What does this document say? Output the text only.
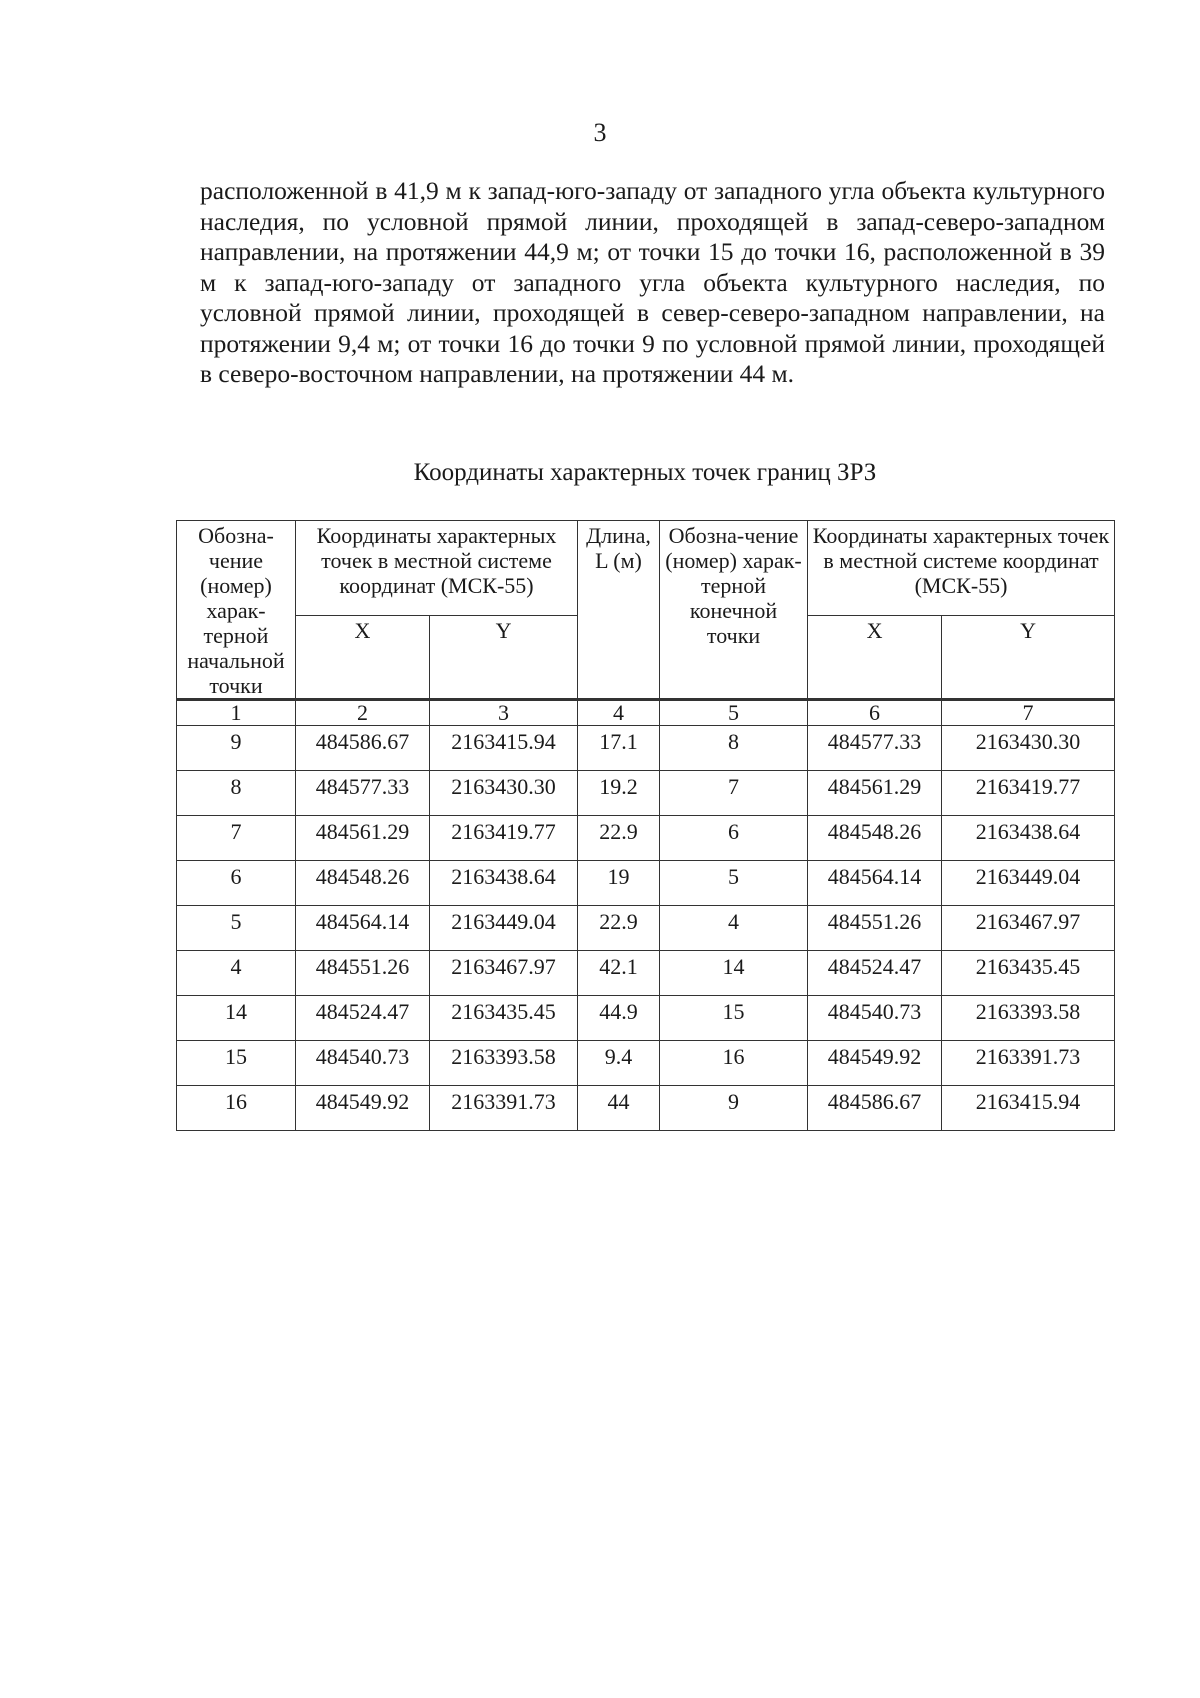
3

расположенной в 41,9 м к запад-юго-западу от западного угла объекта культурного наследия, по условной прямой линии, проходящей в запад-северо-западном направлении, на протяжении 44,9 м; от точки 15 до точки 16, расположенной в 39 м к запад-юго-западу от западного угла объекта культурного наследия, по условной прямой линии, проходящей в север-северо-западном направлении, на протяжении 9,4 м; от точки 16 до точки 9 по условной прямой линии, проходящей в северо-восточном направлении, на протяжении 44 м.

Координаты характерных точек границ ЗРЗ
Обозна-чение (номер) харак-терной начальной точки	Координаты характерных точек в местной системе координат (МСК-55)		Длина, L (м)	Обозна-чение (номер) харак-терной конечной точки	Координаты характерных точек в местной системе координат (МСК-55)	
	X	Y			X	Y
1	2	3	4	5	6	7
9	484586.67	2163415.94	17.1	8	484577.33	2163430.30
8	484577.33	2163430.30	19.2	7	484561.29	2163419.77
7	484561.29	2163419.77	22.9	6	484548.26	2163438.64
6	484548.26	2163438.64	19	5	484564.14	2163449.04
5	484564.14	2163449.04	22.9	4	484551.26	2163467.97
4	484551.26	2163467.97	42.1	14	484524.47	2163435.45
14	484524.47	2163435.45	44.9	15	484540.73	2163393.58
15	484540.73	2163393.58	9.4	16	484549.92	2163391.73
16	484549.92	2163391.73	44	9	484586.67	2163415.94
